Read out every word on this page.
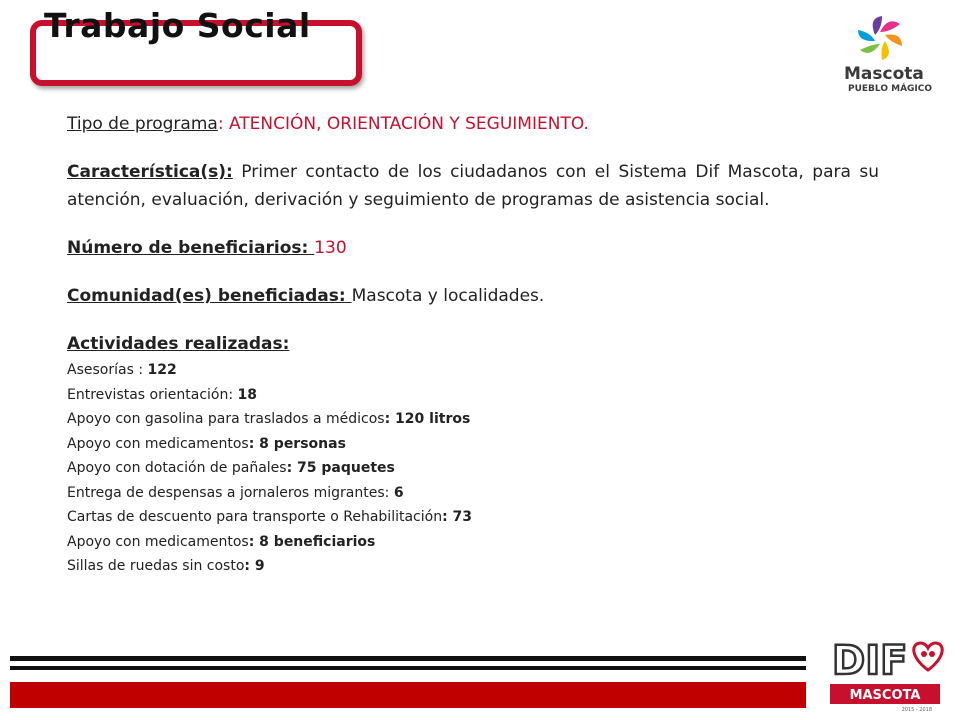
Trabajo Social
Mascota
PUEBLO MÁGICO

Tipo de programa: ATENCIÓN, ORIENTACIÓN Y SEGUIMIENTO.

Característica(s): Primer contacto de los ciudadanos con el Sistema Dif Mascota, para su atención, evaluación, derivación y seguimiento de programas de asistencia social.

Número de beneficiarios: 130

Comunidad(es) beneficiadas: Mascota y localidades.

Actividades realizadas:

Asesorías : 122
Entrevistas orientación: 18
Apoyo con gasolina para traslados a médicos: 120 litros
Apoyo con medicamentos: 8 personas
Apoyo con dotación de pañales: 75 paquetes
Entrega de despensas a jornaleros migrantes: 6
Cartas de descuento para transporte o Rehabilitación: 73
Apoyo con medicamentos: 8 beneficiarios
Sillas de ruedas sin costo: 9
DIF
MASCOTA
2015 - 2018
